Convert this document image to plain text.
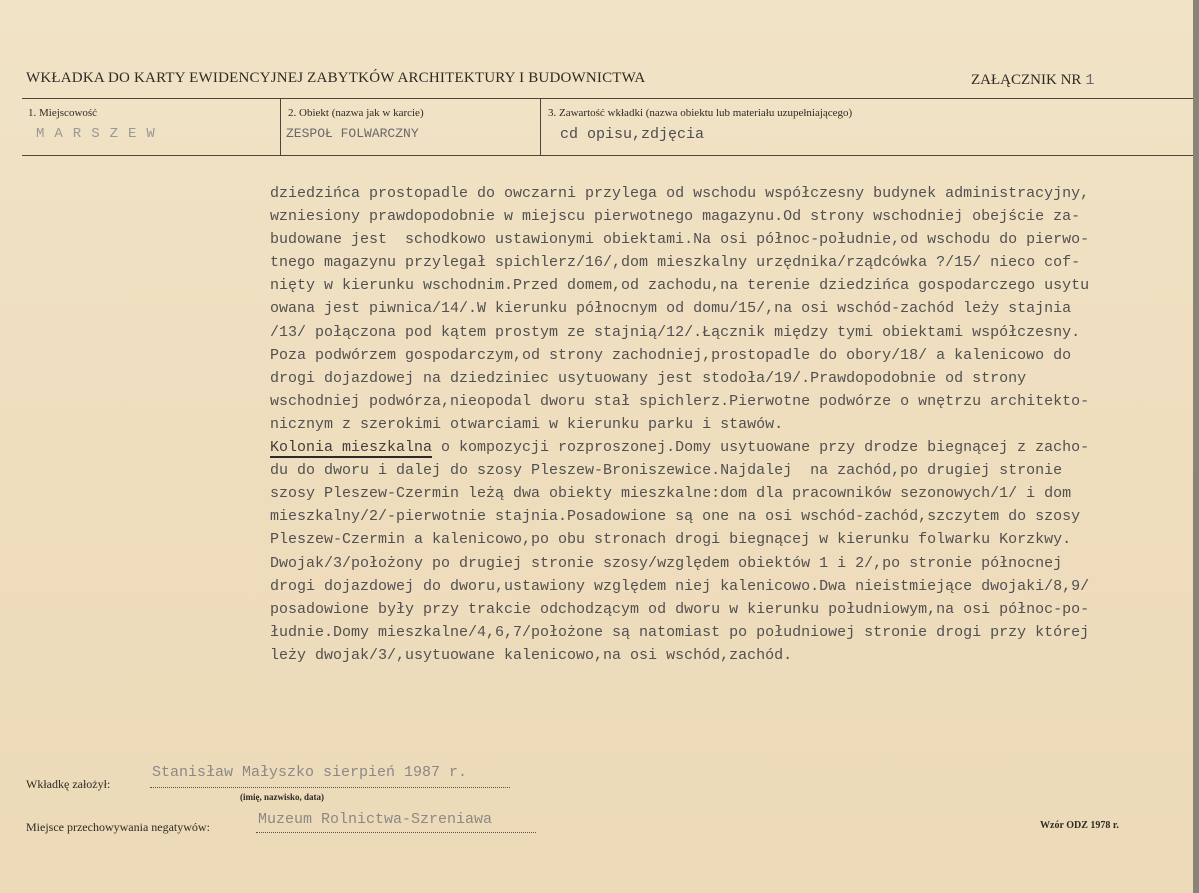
WKŁADKA DO KARTY EWIDENCYJNEJ ZABYTKÓW ARCHITEKTURY I BUDOWNICTWA	ZAŁĄCZNIK NR 1
1. Miejscowość
MARSZEW
2. Obiekt (nazwa jak w karcie)
ZESPOŁ FOLWARCZNY
3. Zawartość wkładki (nazwa obiektu lub materiału uzupełniającego)
cd opisu,zdjęcia
dziedzińca prostopadle do owczarni przylega od wschodu współczesny budynek administracyjny,
wzniesiony prawdopodobnie w miejscu pierwotnego magazynu.Od strony wschodniej obejście za-
budowane jest  schodkowo ustawionymi obiektami.Na osi północ-południe,od wschodu do pierwo-
tnego magazynu przylegał spichlerz/16/,dom mieszkalny urzędnika/rządcówka ?/15/ nieco cof-
nięty w kierunku wschodnim.Przed domem,od zachodu,na terenie dziedzińca gospodarczego usytu
owana jest piwnica/14/.W kierunku północnym od domu/15/,na osi wschód-zachód leży stajnia
/13/ połączona pod kątem prostym ze stajnią/12/.Łącznik między tymi obiektami współczesny.
Poza podwórzem gospodarczym,od strony zachodniej,prostopadle do obory/18/ a kalenicowo do
drogi dojazdowej na dziedziniec usytuowany jest stodoła/19/.Prawdopodobnie od strony
wschodniej podwórza,nieopodal dworu stał spichlerz.Pierwotne podwórze o wnętrzu architekto-
nicznym z szerokimi otwarciami w kierunku parku i stawów.
Kolonia mieszkalna o kompozycji rozproszonej.Domy usytuowane przy drodze biegnącej z zacho-
du do dworu i dalej do szosy Pleszew-Broniszewice.Najdalej  na zachód,po drugiej stronie
szosy Pleszew-Czermin leżą dwa obiekty mieszkalne:dom dla pracowników sezonowych/1/ i dom
mieszkalny/2/-pierwotnie stajnia.Posadowione są one na osi wschód-zachód,szczytem do szosy
Pleszew-Czermin a kalenicowo,po obu stronach drogi biegnącej w kierunku folwarku Korzkwy.
Dwojak/3/położony po drugiej stronie szosy/względem obiektów 1 i 2/,po stronie północnej
drogi dojazdowej do dworu,ustawiony względem niej kalenicowo.Dwa nieistmiejące dwojaki/8,9/
posadowione były przy trakcie odchodzącym od dworu w kierunku południowym,na osi północ-po-
łudnie.Domy mieszkalne/4,6,7/położone są natomiast po południowej stronie drogi przy której
leży dwojak/3/,usytuowane kalenicowo,na osi wschód,zachód.
Wkładkę założył:
Stanisław Małyszko sierpień 1987 r.
(imię, nazwisko, data)
Miejsce przechowywania negatywów:	Muzeum Rolnictwa-Szreniawa	Wzór ODZ 1978 r.
